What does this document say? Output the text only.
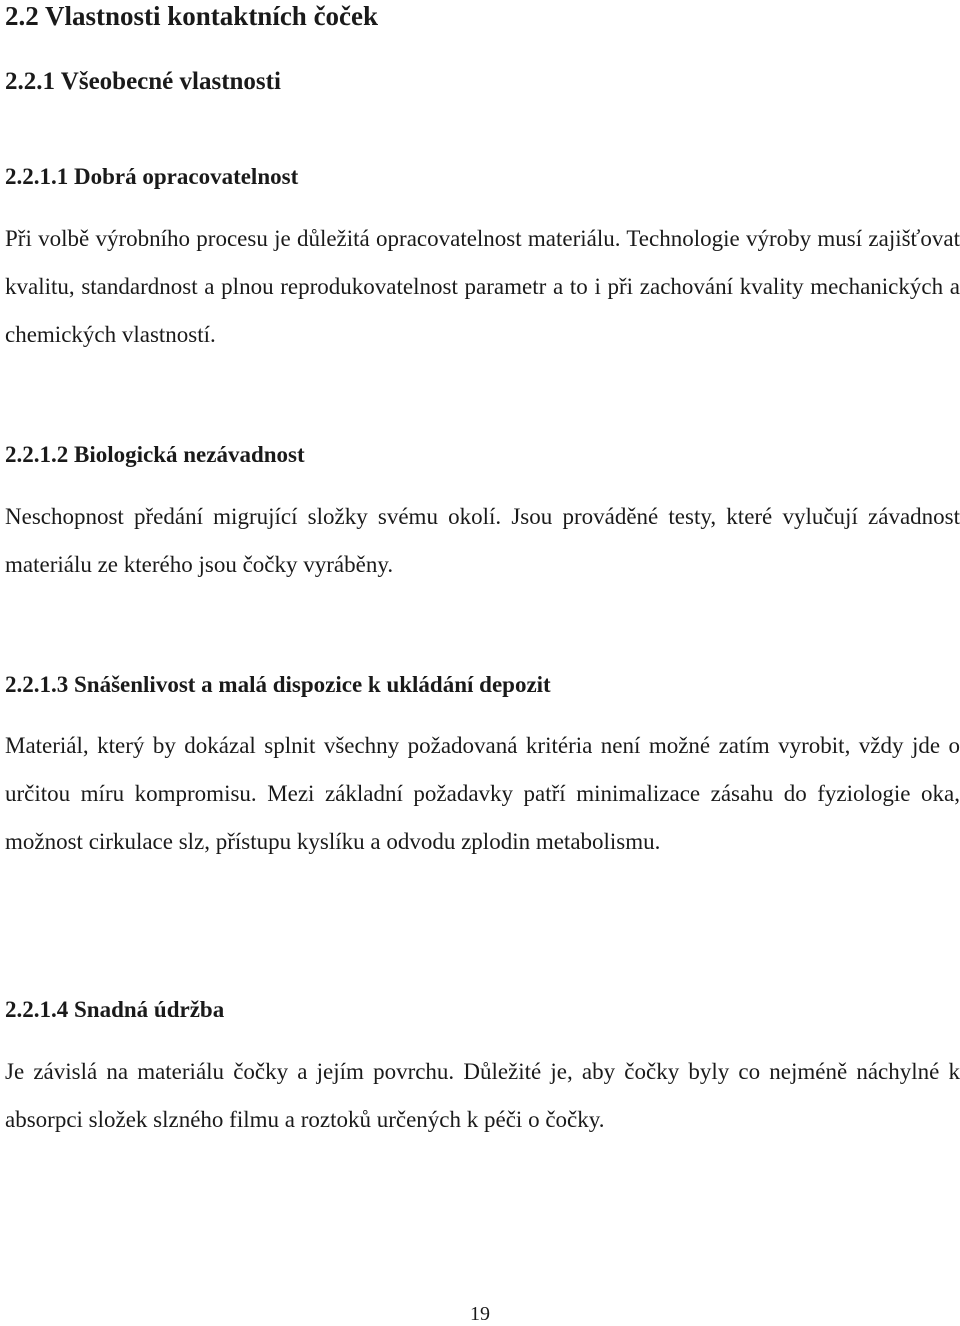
2.2 Vlastnosti kontaktních čoček
2.2.1 Všeobecné vlastnosti
2.2.1.1 Dobrá opracovatelnost

Při volbě výrobního procesu je důležitá opracovatelnost materiálu. Technologie výroby musí zajišťovat kvalitu, standardnost a plnou reprodukovatelnost parametr a to i při zachování kvality mechanických a chemických vlastností.

2.2.1.2 Biologická nezávadnost

Neschopnost předání migrující složky svému okolí. Jsou prováděné testy, které vylučují závadnost materiálu ze kterého jsou čočky vyráběny.

2.2.1.3 Snášenlivost a malá dispozice k ukládání depozit

Materiál, který by dokázal splnit všechny požadovaná kritéria není možné zatím vyrobit, vždy jde o určitou míru kompromisu. Mezi základní požadavky patří minimalizace zásahu do fyziologie oka, možnost cirkulace slz, přístupu kyslíku a odvodu zplodin metabolismu.

2.2.1.4 Snadná údržba

Je závislá na materiálu čočky a jejím povrchu. Důležité je, aby čočky byly co nejméně náchylné k absorpci složek slzného filmu a roztoků určených k péči o čočky.

19
